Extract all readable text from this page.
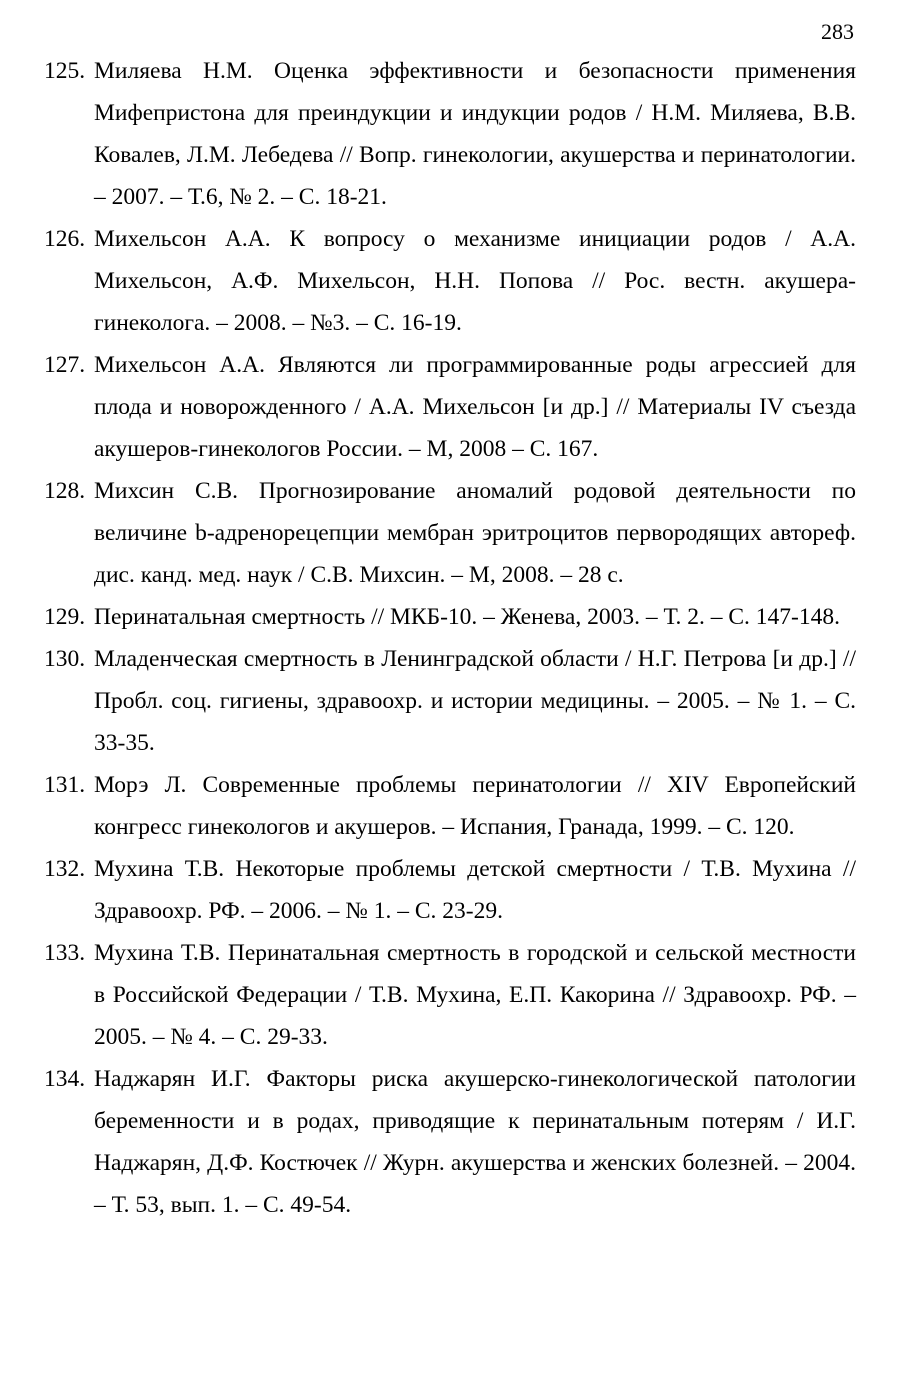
283
125. Миляева Н.М. Оценка эффективности и безопасности применения Мифепристона для преиндукции и индукции родов / Н.М. Миляева, В.В. Ковалев, Л.М. Лебедева // Вопр. гинекологии, акушерства и перинатологии. – 2007. – Т.6, № 2. – С. 18-21.
126. Михельсон А.А. К вопросу о механизме инициации родов / А.А. Михельсон, А.Ф. Михельсон, Н.Н. Попова // Рос. вестн. акушера-гинеколога. – 2008. – №3. – С. 16-19.
127. Михельсон А.А. Являются ли программированные роды агрессией для плода и новорожденного / А.А. Михельсон [и др.] // Материалы IV съезда акушеров-гинекологов России. – М, 2008 – С. 167.
128. Михсин С.В. Прогнозирование аномалий родовой деятельности по величине b-адренорецепции мембран эритроцитов первородящих автореф. дис. канд. мед. наук / С.В. Михсин. – М, 2008. – 28 с.
129. Перинатальная смертность // МКБ-10. – Женева, 2003. – Т. 2. – С. 147-148.
130. Младенческая смертность в Ленинградской области / Н.Г. Петрова [и др.] // Пробл. соц. гигиены, здравоохр. и истории медицины. – 2005. – № 1. – С. 33-35.
131. Морэ Л. Современные проблемы перинатологии // XIV Европейский конгресс гинекологов и акушеров. – Испания, Гранада, 1999. – С. 120.
132. Мухина Т.В. Некоторые проблемы детской смертности / Т.В. Мухина // Здравоохр. РФ. – 2006. – № 1. – С. 23-29.
133. Мухина Т.В. Перинатальная смертность в городской и сельской местности в Российской Федерации / Т.В. Мухина, Е.П. Какорина // Здравоохр. РФ. – 2005. – № 4. – С. 29-33.
134. Наджарян И.Г. Факторы риска акушерско-гинекологической патологии беременности и в родах, приводящие к перинатальным потерям / И.Г. Наджарян, Д.Ф. Костючек // Журн. акушерства и женских болезней. – 2004. – Т. 53, вып. 1. – С. 49-54.
